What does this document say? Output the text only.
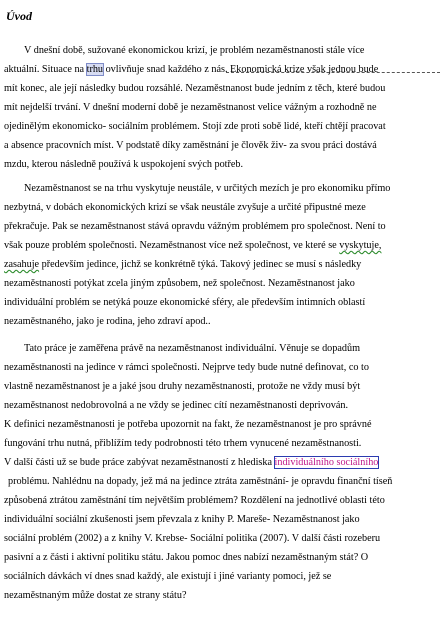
Úvod
V dnešní době, sužované ekonomickou krizí, je problém nezaměstnanosti stále více
aktuální. Situace na trhu ovlivňuje snad každého z nás. Ekonomická krize však jednou bude
mít konec, ale její následky budou rozsáhlé. Nezaměstnanost bude jedním z těch, které budou
mít nejdelší trvání. V dnešní moderní době je nezaměstnanost velice vážným a rozhodně ne
ojedinělým ekonomicko- sociálním problémem. Stojí zde proti sobě lidé, kteří chtějí pracovat
a absence pracovních míst. V podstatě díky zaměstnání je člověk živ- za svou práci dostává
mzdu, kterou následně používá k uspokojení svých potřeb.
Nezaměstnanost se na trhu vyskytuje neustále, v určitých mezích je pro ekonomiku přímo
nezbytná, v dobách ekonomických krizí se však neustále zvyšuje a určité připustné meze
překračuje. Pak se nezaměstnanost stává opravdu vážným problémem pro společnost. Není to
však pouze problém společnosti. Nezaměstnanost více než společnost, ve které se vyskytuje,
zasahuje především jedince, jichž se konkrétně týká. Takový jedinec se musí s následky
nezaměstnanosti potýkat zcela jiným způsobem, než společnost. Nezaměstnanost jako
individuální problém se netýká pouze ekonomické sféry, ale především intimních oblastí
nezaměstnaného, jako je rodina, jeho zdraví apod..
Tato práce je zaměřena právě na nezaměstnanost individuální. Věnuje se dopadům
nezaměstnanosti na jedince v rámci společnosti. Nejprve tedy bude nutné definovat, co to
vlastně nezaměstnanost je a jaké jsou druhy nezaměstnanosti, protože ne vždy musí být
nezaměstnanost nedobrovolná a ne vždy se jedinec cítí nezaměstnanosti deprivován.
K definici nezaměstnanosti je potřeba upozornit na fakt, že nezaměstnanost je pro správné
fungování trhu nutná, přiblížím tedy podrobnosti této trhem vynucené nezaměstnanosti.
V další části už se bude práce zabývat nezaměstnaností z hlediska individuálního sociálního
problému. Nahlédnu na dopady, jež má na jedince ztráta zaměstnání- je opravdu finanční tíseň
způsobená ztrátou zaměstnání tím největším problémem? Rozdělení na jednotlivé oblasti této
individuální sociální zkušenosti jsem převzala z knihy P. Mareše- Nezaměstnanost jako
sociální problém (2002) a z knihy V. Krebse- Sociální politika (2007). V další části rozeberu
pasivní a z části i aktivní politiku státu. Jakou pomoc dnes nabízí nezaměstnaným stát? O
sociálních dávkách ví dnes snad každý, ale existují i jiné varianty pomoci, jež se
nezaměstnaným může dostat ze strany státu?
